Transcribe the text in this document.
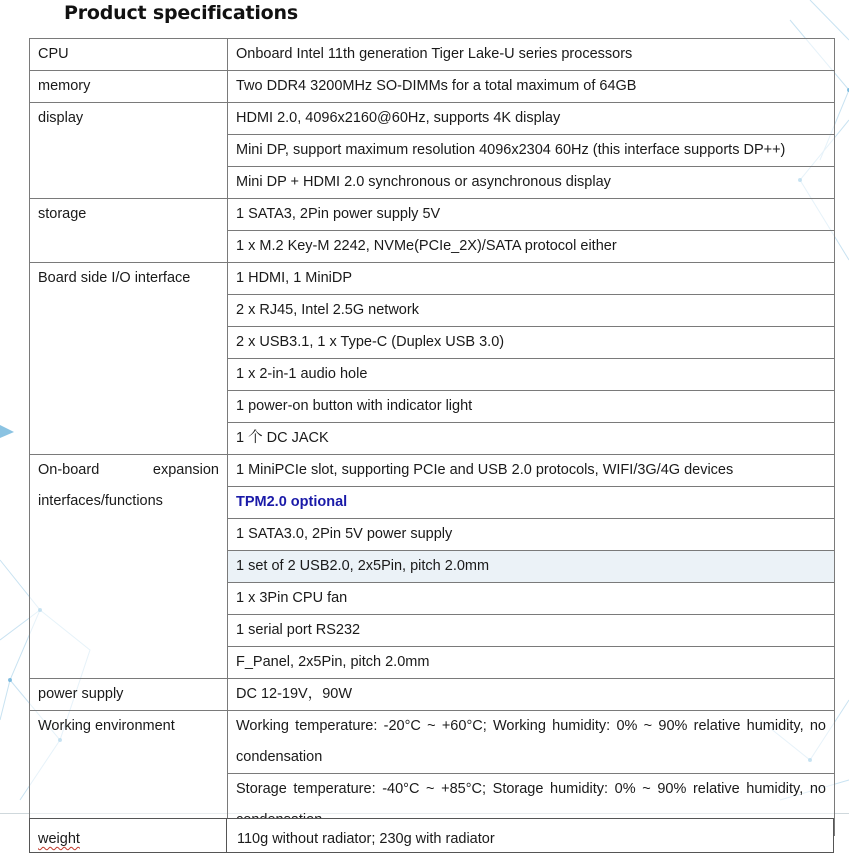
Product specifications
CPU	Onboard Intel 11th generation Tiger Lake-U series processors
memory	Two DDR4 3200MHz SO-DIMMs for a total maximum of 64GB
display	HDMI 2.0, 4096x2160@60Hz, supports 4K display
	Mini DP, support maximum resolution 4096x2304 60Hz (this interface supports DP++)
	Mini DP + HDMI 2.0 synchronous or asynchronous display
storage	1 SATA3, 2Pin power supply 5V
	1 x M.2 Key-M 2242, NVMe(PCIe_2X)/SATA protocol either
Board side I/O interface	1 HDMI, 1 MiniDP
	2 x RJ45, Intel 2.5G network
	2 x USB3.1, 1 x Type-C (Duplex USB 3.0)
	1 x 2-in-1 audio hole
	1 power-on button with indicator light
	1 个 DC JACK
On-board expansion interfaces/functions	1 MiniPCIe slot, supporting PCIe and USB 2.0 protocols, WIFI/3G/4G devices
	TPM2.0 optional
	1 SATA3.0, 2Pin 5V power supply
	1 set of 2 USB2.0, 2x5Pin, pitch 2.0mm
	1 x 3Pin CPU fan
	1 serial port RS232
	F_Panel, 2x5Pin, pitch 2.0mm
power supply	DC 12-19V，90W
Working environment	Working temperature: -20°C ~ +60°C; Working humidity: 0% ~ 90% relative humidity, no condensation
	Storage temperature: -40°C ~ +85°C; Storage humidity: 0% ~ 90% relative humidity, no
weight	110g without radiator; 230g with radiator
